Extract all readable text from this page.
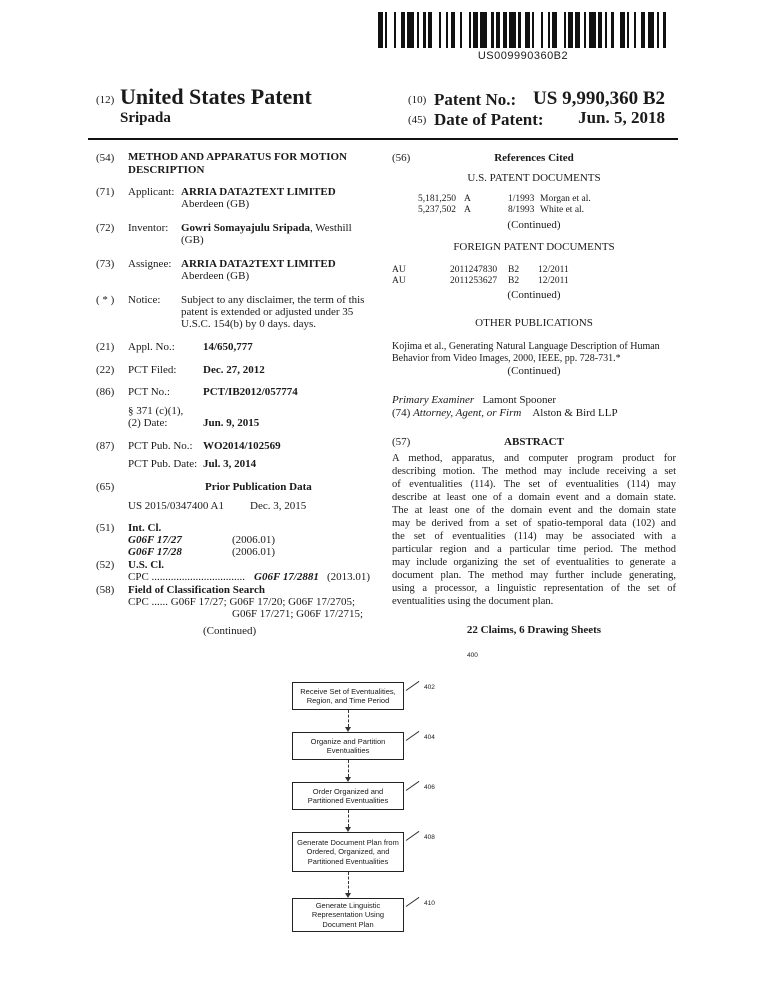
US009990360B2
(12) United States Patent
Sripada
(10) Patent No.: US 9,990,360 B2
(45) Date of Patent: Jun. 5, 2018
(54) METHOD AND APPARATUS FOR MOTION DESCRIPTION
(71) Applicant: ARRIA DATA2TEXT LIMITED
Aberdeen (GB)
(72) Inventor: Gowri Somayajulu Sripada, Westhill
(GB)
(73) Assignee: ARRIA DATA2TEXT LIMITED
Aberdeen (GB)
( * ) Notice: Subject to any disclaimer, the term of this
patent is extended or adjusted under 35
U.S.C. 154(b) by 0 days. days.
(21) Appl. No.:	14/650,777
(22) PCT Filed: Dec. 27, 2012
(86) PCT No.:	PCT/IB2012/057774
§ 371 (c)(1),
(2) Date:	Jun. 9, 2015
(87) PCT Pub. No.: WO2014/102569
PCT Pub. Date: Jul. 3, 2014
(65)	Prior Publication Data
US 2015/0347400 A1 Dec. 3, 2015
(51) Int. Cl.
G06F 17/27	(2006.01)
G06F 17/28	(2006.01)
(52) U.S. Cl.
CPC .................................. G06F 17/2881 (2013.01)
(58) Field of Classification Search
CPC ...... G06F 17/27; G06F 17/20; G06F 17/2705;
G06F 17/271; G06F 17/2715;
(Continued)
(56)	References Cited
U.S. PATENT DOCUMENTS
5,181,250 A	1/1993 Morgan et al.
5,237,502 A	8/1993 White et al.
(Continued)
FOREIGN PATENT DOCUMENTS
AU	2011247830 B2 12/2011
AU	2011253627 B2 12/2011
(Continued)
OTHER PUBLICATIONS
Kojima et al., Generating Natural Language Description of Human
Behavior from Video Images, 2000, IEEE, pp. 728-731.*
(Continued)
Primary Examiner Lamont Spooner
(74) Attorney, Agent, or Firm Alston & Bird LLP
(57)	ABSTRACT
A method, apparatus, and computer program product for
describing motion. The method may include receiving a set
of eventualities (114). The set of eventualities (114) may
describe at least one of a domain event and a domain state.
The at least one of the domain event and the domain state
may be derived from a set of spatio-temporal data (102) and
the set of eventualities (114) may be associated with a
particular region and a particular time period. The method
may include organizing the set of eventualities to generate a
document plan. The method may further include generating,
using a processor, a linguistic representation of the set of
eventualities using the document plan.
22 Claims, 6 Drawing Sheets
400
Receive Set of Eventualities, Region, and Time Period
402
Organize and Partition Eventualities
404
Order Organized and Partitioned Eventualities
406
Generate Document Plan from Ordered, Organized, and Partitioned Eventualities
408
Generate Linguistic Representation Using Document Plan
410
